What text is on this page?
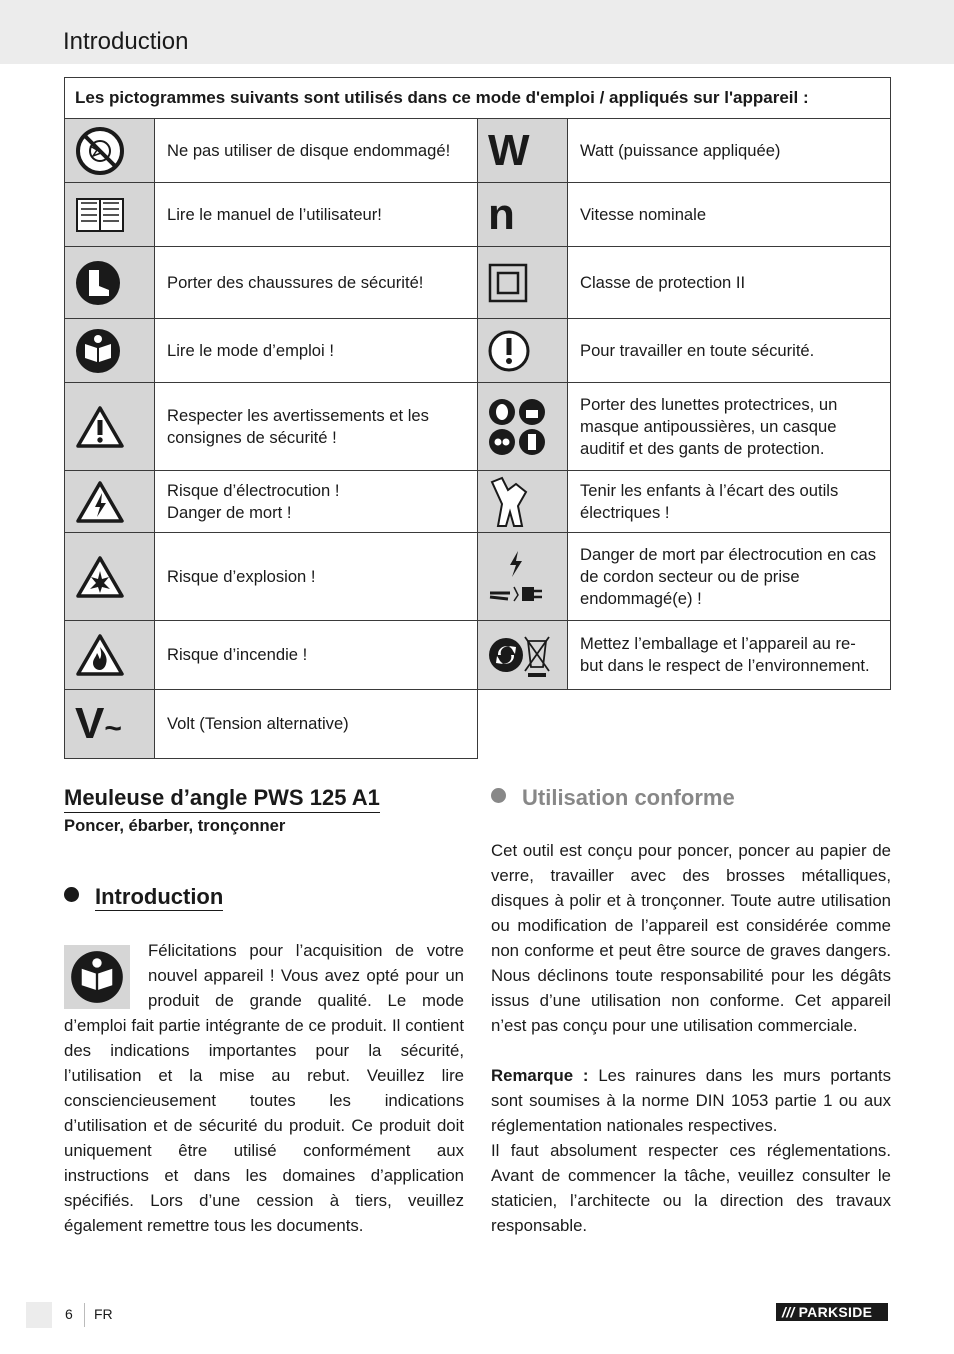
Introduction
Les pictogrammes suivants sont utilisés dans ce mode d'emploi / appliqués sur l'appareil :			

	Ne pas utiliser de disque endommagé!	W	Watt (puissance appliquée)

	Lire le manuel de l’utilisateur!	n	Vitesse nominale

	Porter des chaussures de sécurité!		Classe de protection II

	Lire le mode d’emploi !		Pour travailler en toute sécurité.

	Respecter les avertissements et les consignes de sécurité !		Porter des lunettes protectrices, un masque antipoussières, un casque auditif et des gants de protection.

Risque d’électrocution !
Danger de mort !		Tenir les enfants à l’écart des outils électriques !

	Risque d’explosion !		Danger de mort par électrocution en cas de cordon secteur ou de prise endommagé(e) !

	Risque d’incendie !		Mettez l’emballage et l’appareil au re-but dans le respect de l’environnement.
V~	Volt (Tension alternative)		
Meuleuse d’angle PWS 125 A1
Poncer, ébarber, tronçonner
Introduction
Félicitations pour l’acquisition de votre nouvel appareil ! Vous avez opté pour un produit de grande qualité. Le mode d’emploi fait partie intégrante de ce produit. Il contient des indications importantes pour la sécurité, l’utilisation et la mise au rebut. Veuillez lire consciencieusement toutes les indications d’utilisation et de sécurité du produit. Ce produit doit uniquement être utilisé conformément aux instructions et dans les domaines d’application spécifiés. Lors d’une cession à tiers, veuillez également remettre tous les documents.
Utilisation conforme

Cet outil est conçu pour poncer, poncer au papier de verre, travailler avec des brosses métalliques, disques à polir et à tronçonner. Toute autre utilisation ou modification de l’appareil est considérée comme non conforme et peut être source de graves dangers. Nous déclinons toute responsabilité pour les dégâts issus d’une utilisation non conforme. Cet appareil n’est pas conçu pour une utilisation commerciale.

Remarque : Les rainures dans les murs portants sont soumises à la norme DIN 1053 partie 1 ou aux réglementation nationales respectives.

Il faut absolument respecter ces réglementations. Avant de commencer la tâche, veuillez consulter le staticien, l’architecte ou la direction des travaux responsable.

6 FR	/// PARKSIDE
